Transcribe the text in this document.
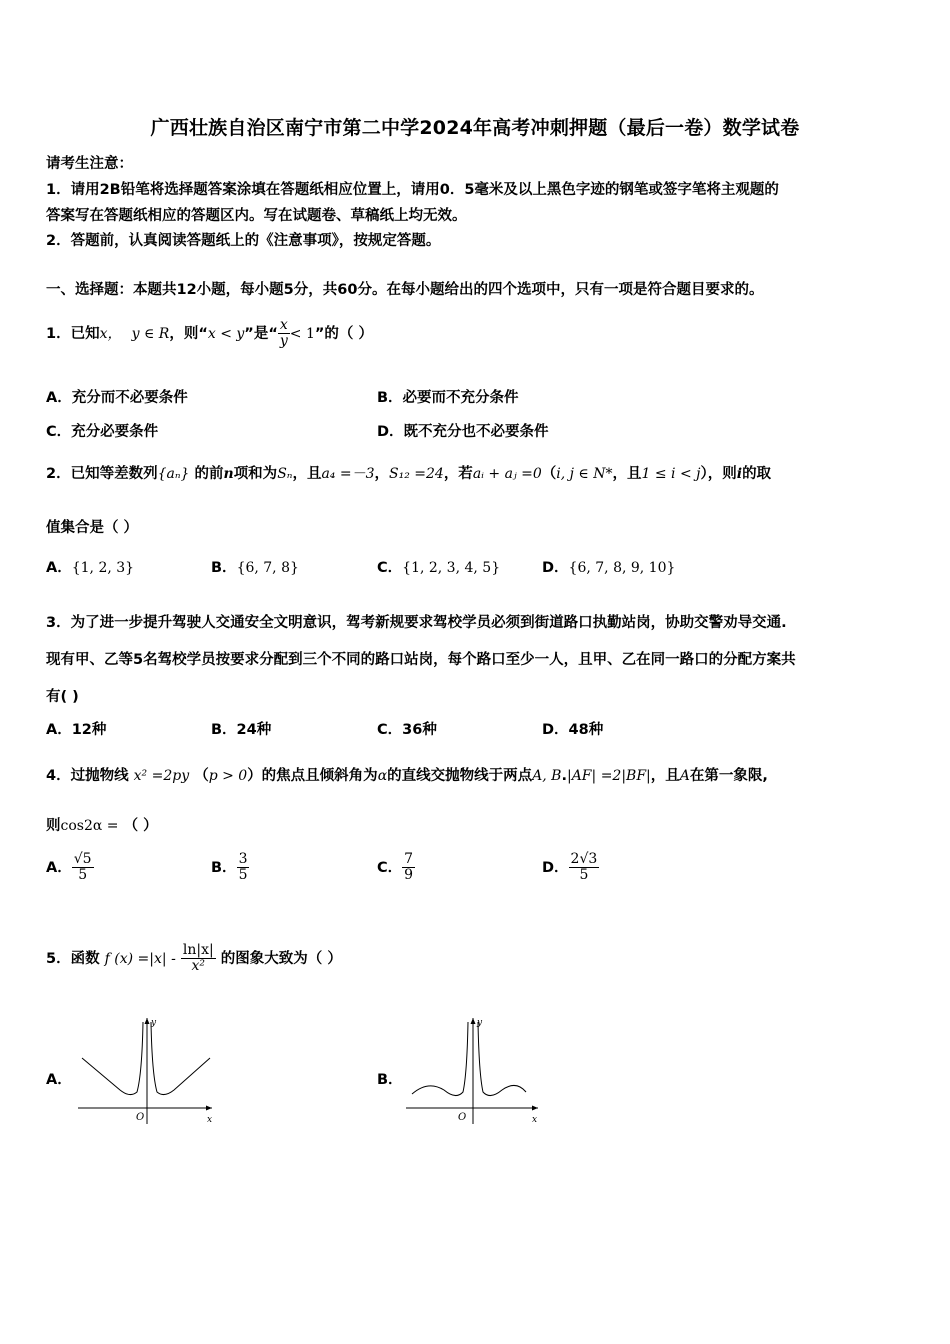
广西壮族自治区南宁市第二中学2024年高考冲刺押题（最后一卷）数学试卷
请考生注意：
1．请用2B铅笔将选择题答案涂填在答题纸相应位置上，请用0．5毫米及以上黑色字迹的钢笔或签字笔将主观题的
答案写在答题纸相应的答题区内。写在试题卷、草稿纸上均无效。
2．答题前，认真阅读答题纸上的《注意事项》，按规定答题。
一、选择题：本题共12小题，每小题5分，共60分。在每小题给出的四个选项中，只有一项是符合题目要求的。
1．已知x， y ∈ R，则“x < y”是“ $\frac{x}{y} < 1$”的（ ）
A．充分而不必要条件	B．必要而不充分条件
C．充分必要条件	D．既不充分也不必要条件
2．已知等差数列{aₙ} 的前n项和为Sₙ，且a₄ =－3，S₁₂ =24，若aᵢ + aⱼ =0（i, j ∈ N*，且1 ≤ i < j），则i的取
值集合是（ ）
A．{1, 2, 3}	B．{6, 7, 8}	C．{1, 2, 3, 4, 5}	D．{6, 7, 8, 9, 10}
3．为了进一步提升驾驶人交通安全文明意识，驾考新规要求驾校学员必须到街道路口执勤站岗，协助交警劝导交通.
现有甲、乙等5名驾校学员按要求分配到三个不同的路口站岗，每个路口至少一人，且甲、乙在同一路口的分配方案共
有( )
A．12种	B．24种	C．36种	D．48种
4．过抛物线 x² =2py （p > 0）的焦点且倾斜角为α的直线交抛物线于两点A, B.|AF| =2|BF|，且A在第一象限,
则cos2α = （ ）
A． $\frac{√5}{5}$	B． $\frac{3}{5}$	C． $\frac{7}{9}$	D． $\frac{2√3}{5}$
5．函数 f $(x) =|x| - \frac{\ln|x|}{\text{x²}}$ 的图象大致为（ ）
A．
y
x
O
B．
y
x
O
